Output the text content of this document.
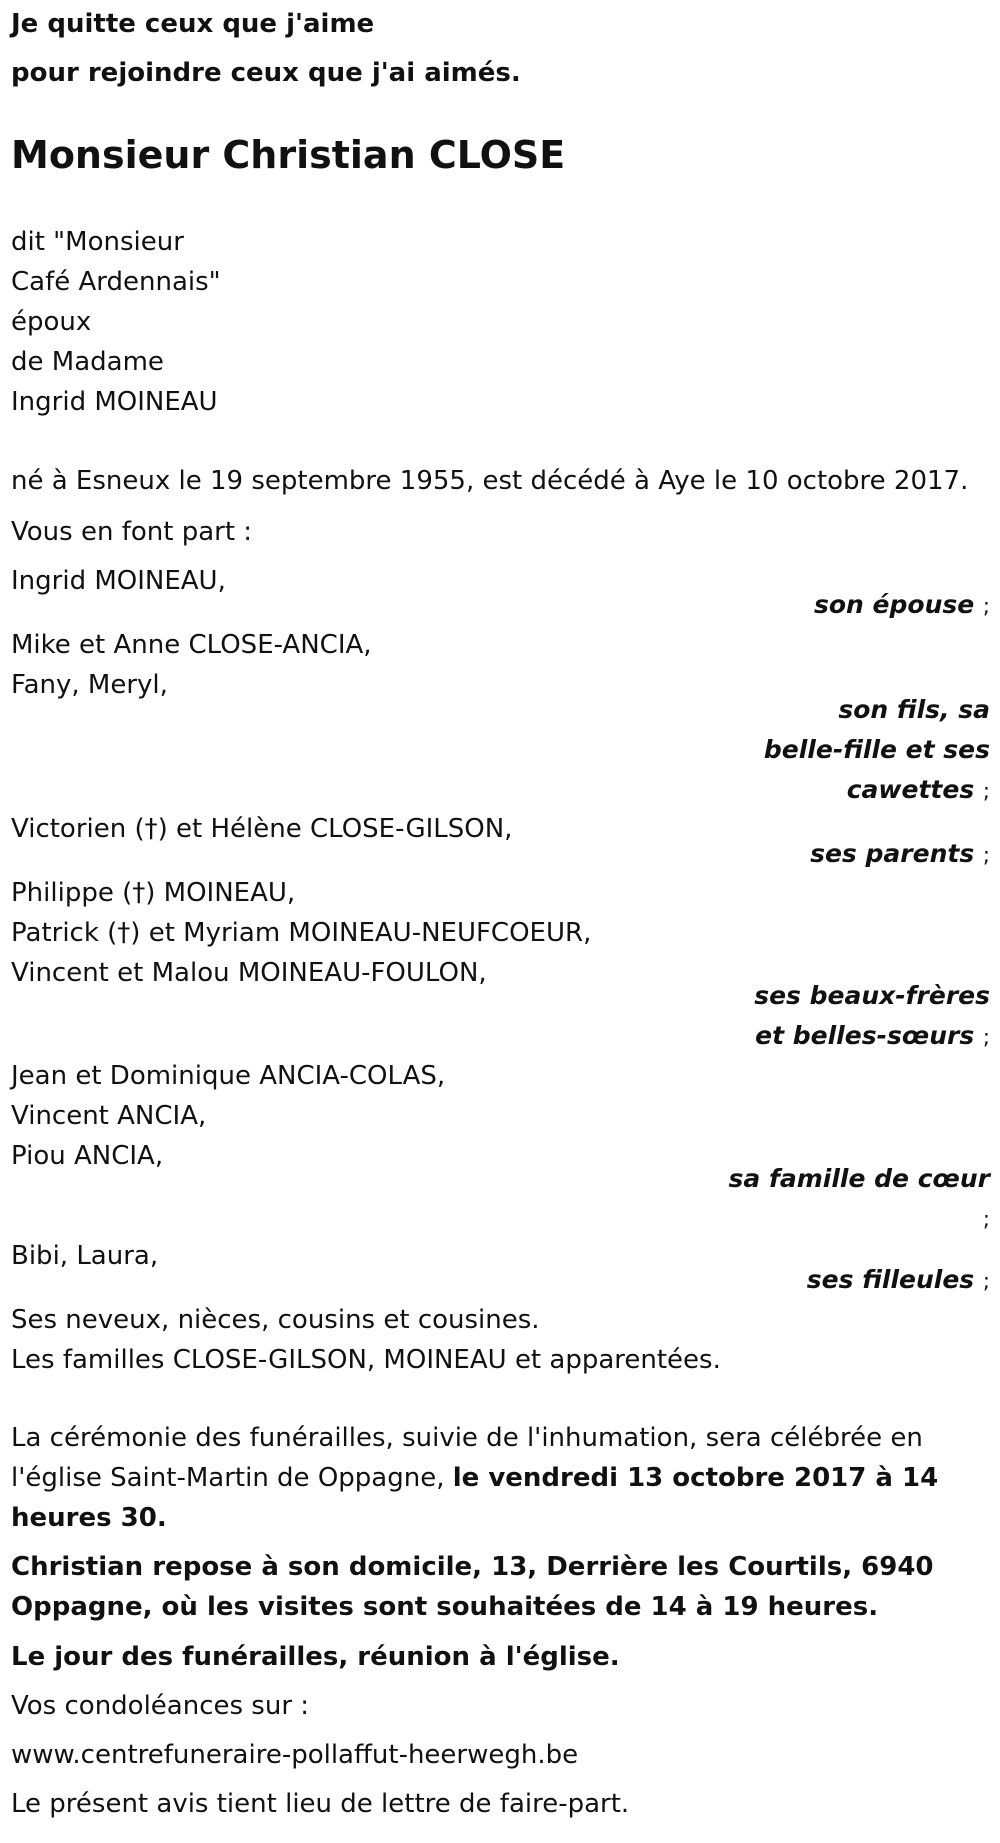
Je quitte ceux que j'aime
pour rejoindre ceux que j'ai aimés.
Monsieur Christian CLOSE
dit "Monsieur
Café Ardennais"
époux
de Madame
Ingrid MOINEAU
né à Esneux le 19 septembre 1955, est décédé à Aye le 10 octobre 2017.
Vous en font part :
Ingrid MOINEAU,
son épouse ;
Mike et Anne CLOSE-ANCIA,
Fany, Meryl,
son fils, sa
belle-fille et ses
cawettes ;
Victorien (†) et Hélène CLOSE-GILSON,
ses parents ;
Philippe (†) MOINEAU,
Patrick (†) et Myriam MOINEAU-NEUFCOEUR,
Vincent et Malou MOINEAU-FOULON,
ses beaux-frères
et belles-sœurs ;
Jean et Dominique ANCIA-COLAS,
Vincent ANCIA,
Piou ANCIA,
sa famille de cœur
;
Bibi, Laura,
ses filleules ;
Ses neveux, nièces, cousins et cousines.
Les familles CLOSE-GILSON, MOINEAU et apparentées.
La cérémonie des funérailles, suivie de l'inhumation, sera célébrée en
l'église Saint-Martin de Oppagne, le vendredi 13 octobre 2017 à 14
heures 30.
Christian repose à son domicile, 13, Derrière les Courtils, 6940
Oppagne, où les visites sont souhaitées de 14 à 19 heures.
Le jour des funérailles, réunion à l'église.
Vos condoléances sur :
www.centrefuneraire-pollaffut-heerwegh.be
Le présent avis tient lieu de lettre de faire-part.
